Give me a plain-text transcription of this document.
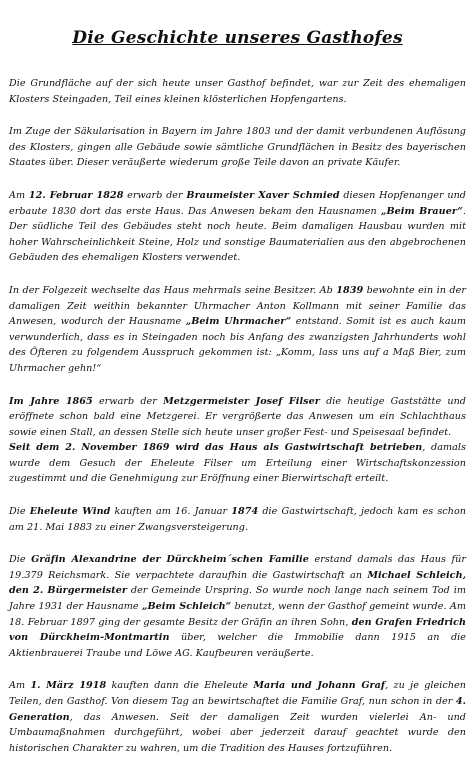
Die Geschichte unseres Gasthofes

Die Grundfläche auf der sich heute unser Gasthof befindet, war zur Zeit des ehemaligen Klosters Steingaden, Teil eines kleinen klösterlichen Hopfengartens.

Im Zuge der Säkularisation in Bayern im Jahre 1803 und der damit verbundenen Auflösung des Klosters, gingen alle Gebäude sowie sämtliche Grundflächen in Besitz des bayerischen Staates über. Dieser veräußerte wiederum große Teile davon an private Käufer.

Am 12. Februar 1828 erwarb der Braumeister Xaver Schmied diesen Hopfenanger und erbaute 1830 dort das erste Haus. Das Anwesen bekam den Hausnamen „Beim Brauer“. Der südliche Teil des Gebäudes steht noch heute. Beim damaligen Hausbau wurden mit hoher Wahrscheinlichkeit Steine, Holz und sonstige Baumaterialien aus den abgebrochenen Gebäuden des ehemaligen Klosters verwendet.

In der Folgezeit wechselte das Haus mehrmals seine Besitzer. Ab 1839 bewohnte ein in der damaligen Zeit weithin bekannter Uhrmacher Anton Kollmann mit seiner Familie das Anwesen, wodurch der Hausname „Beim Uhrmacher“ entstand. Somit ist es auch kaum verwunderlich, dass es in Steingaden noch bis Anfang des zwanzigsten Jahrhunderts wohl des Öfteren zu folgendem Ausspruch gekommen ist: „Komm, lass uns auf a Maß Bier, zum Uhrmacher gehn!“

Im Jahre 1865 erwarb der Metzgermeister Josef Filser die heutige Gaststätte und eröffnete schon bald eine Metzgerei. Er vergrößerte das Anwesen um ein Schlachthaus sowie einen Stall, an dessen Stelle sich heute unser großer Fest- und Speisesaal befindet.

Seit dem 2. November 1869 wird das Haus als Gastwirtschaft betrieben, damals wurde dem Gesuch der Eheleute Filser um Erteilung einer Wirtschaftskonzession zugestimmt und die Genehmigung zur Eröffnung einer Bierwirtschaft erteilt.

Die Eheleute Wind kauften am 16. Januar 1874 die Gastwirtschaft, jedoch kam es schon am 21. Mai 1883 zu einer Zwangsversteigerung.

Die Gräfin Alexandrine der Dürckheim´schen Familie erstand damals das Haus für 19.379 Reichsmark. Sie verpachtete daraufhin die Gastwirtschaft an Michael Schleich, den 2. Bürgermeister der Gemeinde Urspring. So wurde noch lange nach seinem Tod im Jahre 1931 der Hausname „Beim Schleich“ benutzt, wenn der Gasthof gemeint wurde. Am 18. Februar 1897 ging der gesamte Besitz der Gräfin an ihren Sohn, den Grafen Friedrich von Dürckheim-Montmartin über, welcher die Immobilie dann 1915 an die Aktienbrauerei Traube und Löwe AG. Kaufbeuren veräußerte.

Am 1. März 1918 kauften dann die Eheleute Maria und Johann Graf, zu je gleichen Teilen, den Gasthof. Von diesem Tag an bewirtschaftet die Familie Graf, nun schon in der 4. Generation, das Anwesen. Seit der damaligen Zeit wurden vielerlei An- und Umbaumaßnahmen durchgeführt, wobei aber jederzeit darauf geachtet wurde den historischen Charakter zu wahren, um die Tradition des Hauses fortzuführen.
